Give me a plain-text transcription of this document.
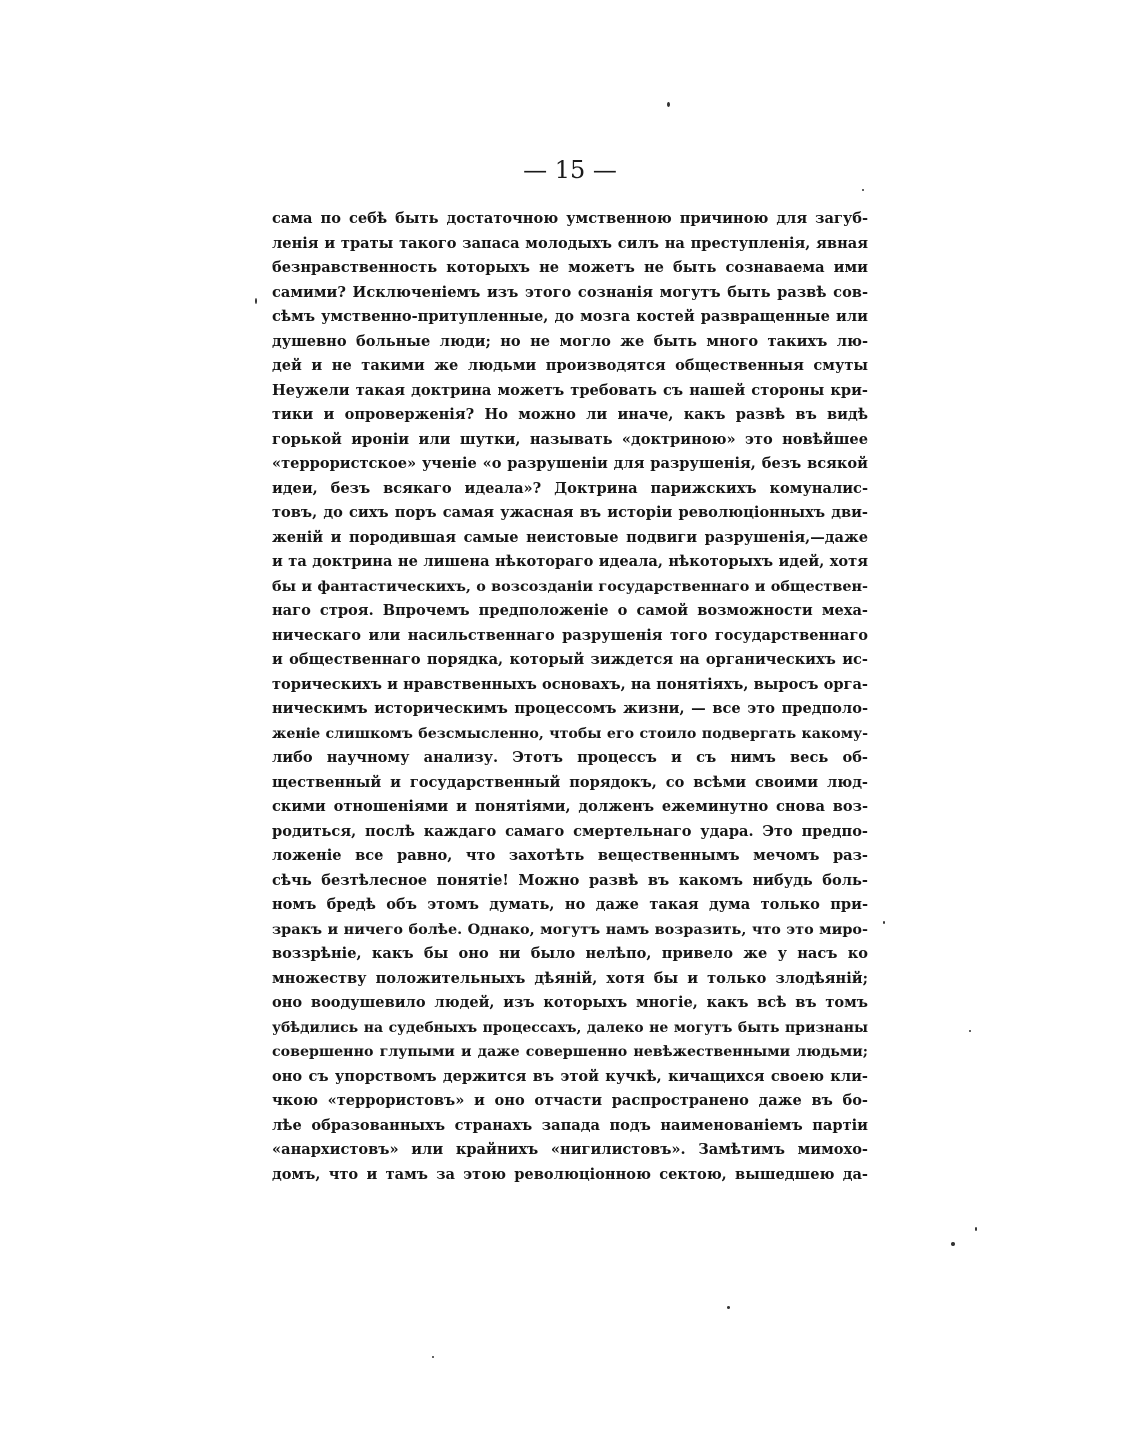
— 15 —
сама по себѣ быть достаточною умственною причиною для загуб-
ленія и траты такого запаса молодыхъ силъ на преступленія, явная
безнравственность которыхъ не можетъ не быть сознаваема ими
самими? Исключеніемъ изъ этого сознанія могутъ быть развѣ сов-
сѣмъ умственно-притупленные, до мозга костей развращенные или
душевно больные люди; но не могло же быть много такихъ лю-
дей и не такими же людьми производятся общественныя смуты
Неужели такая доктрина можетъ требовать съ нашей стороны кри-
тики и опроверженія? Но можно ли иначе, какъ развѣ въ видѣ
горькой ироніи или шутки, называть «доктриною» это новѣйшее
«террористское» ученіе «о разрушеніи для разрушенія, безъ всякой
идеи, безъ всякаго идеала»? Доктрина парижскихъ комуналис-
товъ, до сихъ поръ самая ужасная въ исторіи революціонныхъ дви-
женій и породившая самые неистовые подвиги разрушенія,—даже
и та доктрина не лишена нѣкотораго идеала, нѣкоторыхъ идей, хотя
бы и фантастическихъ, о возсозданіи государственнаго и обществен-
наго строя. Впрочемъ предположеніе о самой возможности меха-
ническаго или насильственнаго разрушенія того государственнаго
и общественнаго порядка, который зиждется на органическихъ ис-
торическихъ и нравственныхъ основахъ, на понятіяхъ, выросъ орга-
ническимъ историческимъ процессомъ жизни, — все это предполо-
женіе слишкомъ безсмысленно, чтобы его стоило подвергать какому-
либо научному анализу. Этотъ процессъ и съ нимъ весь об-
щественный и государственный порядокъ, со всѣми своими люд-
скими отношеніями и понятіями, долженъ ежеминутно снова воз-
родиться, послѣ каждаго самаго смертельнаго удара. Это предпо-
ложеніе все равно, что захотѣть вещественнымъ мечомъ раз-
сѣчь безтѣлесное понятіе! Можно развѣ въ какомъ нибудь боль-
номъ бредѣ объ этомъ думать, но даже такая дума только при-
зракъ и ничего болѣе. Однако, могутъ намъ возразить, что это миро-
воззрѣніе, какъ бы оно ни было нелѣпо, привело же у насъ ко
множеству положительныхъ дѣяній, хотя бы и только злодѣяній;
оно воодушевило людей, изъ которыхъ многіе, какъ всѣ въ томъ
убѣдились на судебныхъ процессахъ, далеко не могутъ быть признаны
совершенно глупыми и даже совершенно невѣжественными людьми;
оно съ упорствомъ держится въ этой кучкѣ, кичащихся своею кли-
чкою «террористовъ» и оно отчасти распространено даже въ бо-
лѣе образованныхъ странахъ запада подъ наименованіемъ партіи
«анархистовъ» или крайнихъ «нигилистовъ». Замѣтимъ мимохо-
домъ, что и тамъ за этою революціонною сектою, вышедшею да-
